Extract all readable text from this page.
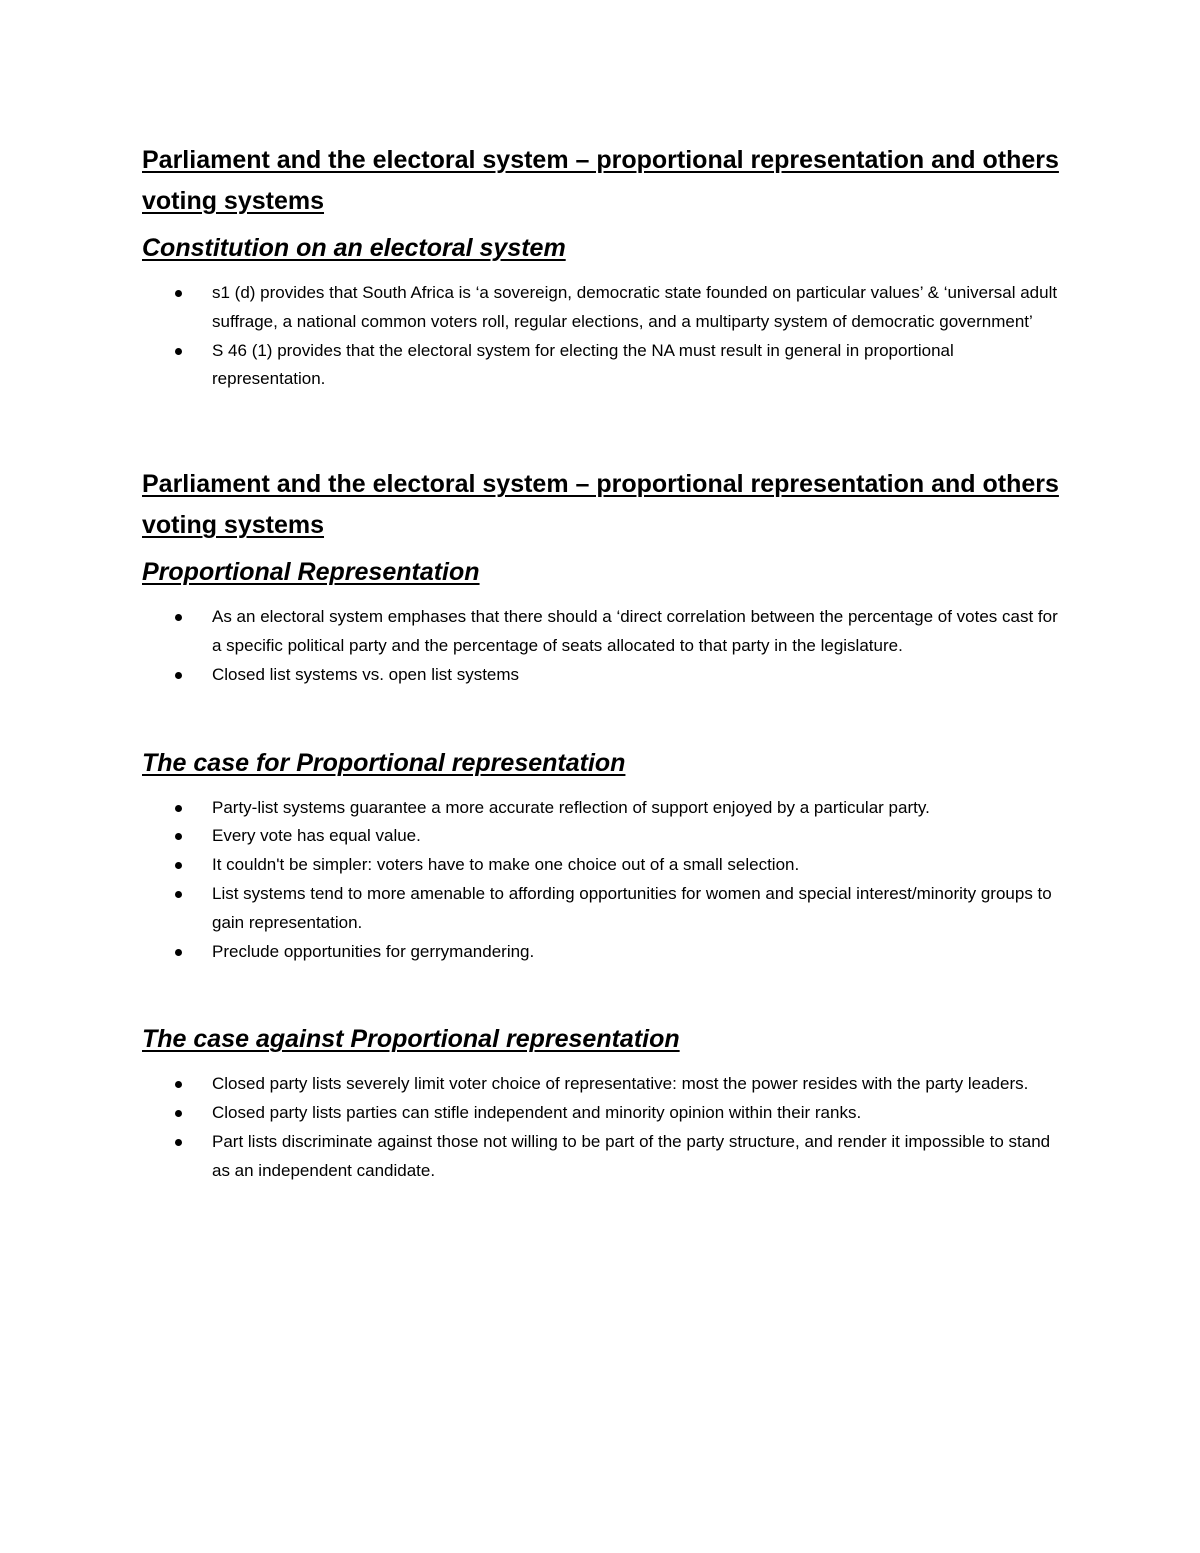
Parliament and the electoral system – proportional representation and others voting systems
Constitution on an electoral system
s1 (d) provides that South Africa is ‘a sovereign, democratic state founded on particular values’ & ‘universal adult suffrage, a national common voters roll, regular elections, and a multiparty system of democratic government’
S 46 (1) provides that the electoral system for electing the NA must result in general in proportional representation.
Parliament and the electoral system – proportional representation and others voting systems
Proportional Representation
As an electoral system emphases that there should a ‘direct correlation between the percentage of votes cast for a specific political party and the percentage of seats allocated to that party in the legislature.
Closed list systems vs. open list systems
The case for Proportional representation
Party-list systems guarantee a more accurate reflection of support enjoyed by a particular party.
Every vote has equal value.
It couldn't be simpler: voters have to make one choice out of a small selection.
List systems tend to more amenable to affording opportunities for women and special interest/minority groups to gain representation.
Preclude opportunities for gerrymandering.
The case against Proportional representation
Closed party lists severely limit voter choice of representative: most the power resides with the party leaders.
Closed party lists parties can stifle independent and minority opinion within their ranks.
Part lists discriminate against those not willing to be part of the party structure, and render it impossible to stand as an independent candidate.
